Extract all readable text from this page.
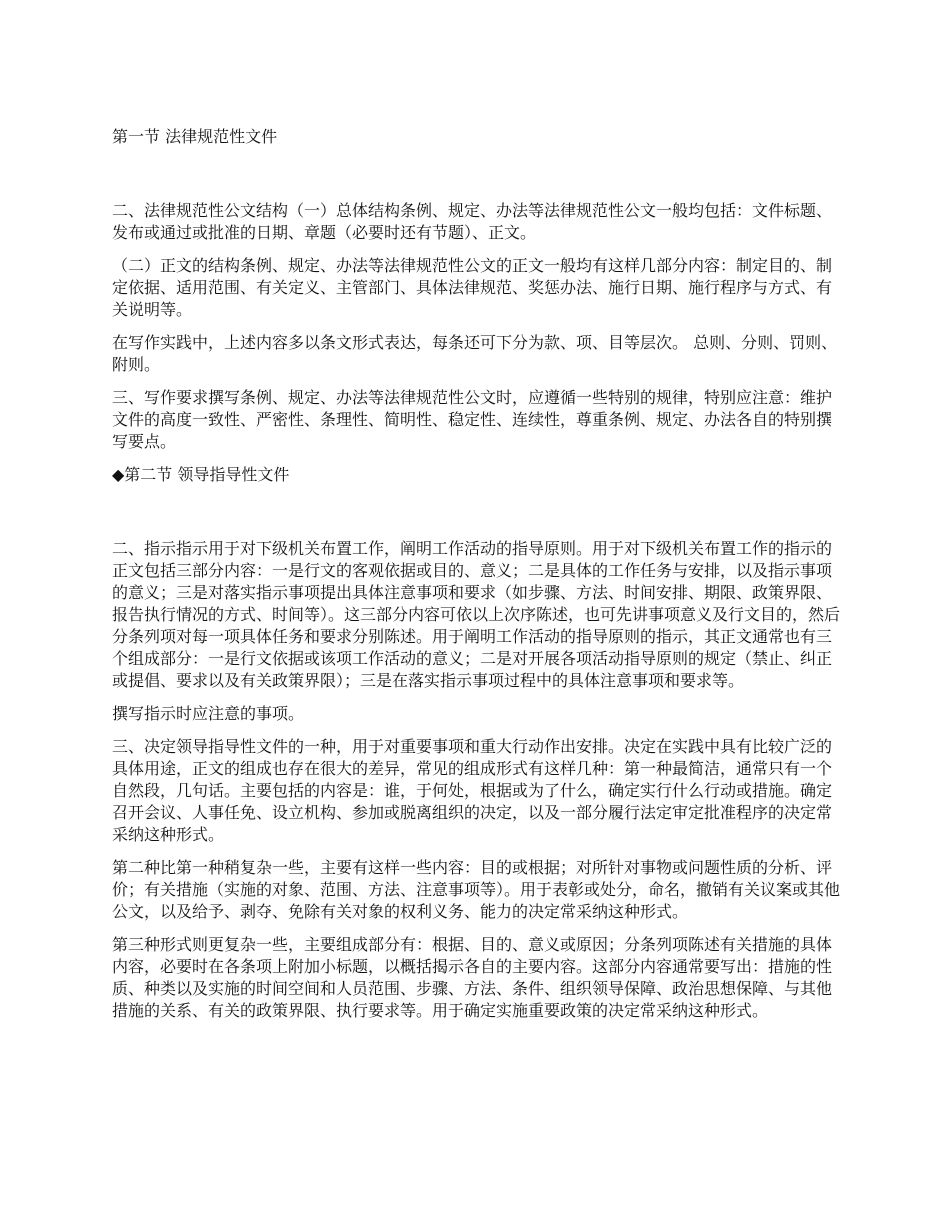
第一节 法律规范性文件

二、法律规范性公文结构（一）总体结构条例、规定、办法等法律规范性公文一般均包括：文件标题、发布或通过或批准的日期、章题（必要时还有节题）、正文。

（二）正文的结构条例、规定、办法等法律规范性公文的正文一般均有这样几部分内容：制定目的、制定依据、适用范围、有关定义、主管部门、具体法律规范、奖惩办法、施行日期、施行程序与方式、有关说明等。

在写作实践中，上述内容多以条文形式表达，每条还可下分为款、项、目等层次。 总则、分则、罚则、附则。

三、写作要求撰写条例、规定、办法等法律规范性公文时，应遵循一些特别的规律，特别应注意：维护文件的高度一致性、严密性、条理性、简明性、稳定性、连续性，尊重条例、规定、办法各自的特别撰写要点。

◆第二节 领导指导性文件

二、指示指示用于对下级机关布置工作，阐明工作活动的指导原则。用于对下级机关布置工作的指示的正文包括三部分内容：一是行文的客观依据或目的、意义；二是具体的工作任务与安排，以及指示事项的意义；三是对落实指示事项提出具体注意事项和要求（如步骤、方法、时间安排、期限、政策界限、报告执行情况的方式、时间等）。这三部分内容可依以上次序陈述，也可先讲事项意义及行文目的，然后分条列项对每一项具体任务和要求分别陈述。用于阐明工作活动的指导原则的指示，其正文通常也有三个组成部分：一是行文依据或该项工作活动的意义；二是对开展各项活动指导原则的规定（禁止、纠正或提倡、要求以及有关政策界限）；三是在落实指示事项过程中的具体注意事项和要求等。

撰写指示时应注意的事项。

三、决定领导指导性文件的一种，用于对重要事项和重大行动作出安排。决定在实践中具有比较广泛的具体用途，正文的组成也存在很大的差异，常见的组成形式有这样几种：第一种最简洁，通常只有一个自然段，几句话。主要包括的内容是：谁，于何处，根据或为了什么，确定实行什么行动或措施。确定召开会议、人事任免、设立机构、参加或脱离组织的决定，以及一部分履行法定审定批准程序的决定常采纳这种形式。

第二种比第一种稍复杂一些，主要有这样一些内容：目的或根据；对所针对事物或问题性质的分析、评价；有关措施（实施的对象、范围、方法、注意事项等）。用于表彰或处分，命名，撤销有关议案或其他公文，以及给予、剥夺、免除有关对象的权利义务、能力的决定常采纳这种形式。

第三种形式则更复杂一些，主要组成部分有：根据、目的、意义或原因；分条列项陈述有关措施的具体内容，必要时在各条项上附加小标题，以概括揭示各自的主要内容。这部分内容通常要写出：措施的性质、种类以及实施的时间空间和人员范围、步骤、方法、条件、组织领导保障、政治思想保障、与其他措施的关系、有关的政策界限、执行要求等。用于确定实施重要政策的决定常采纳这种形式。
